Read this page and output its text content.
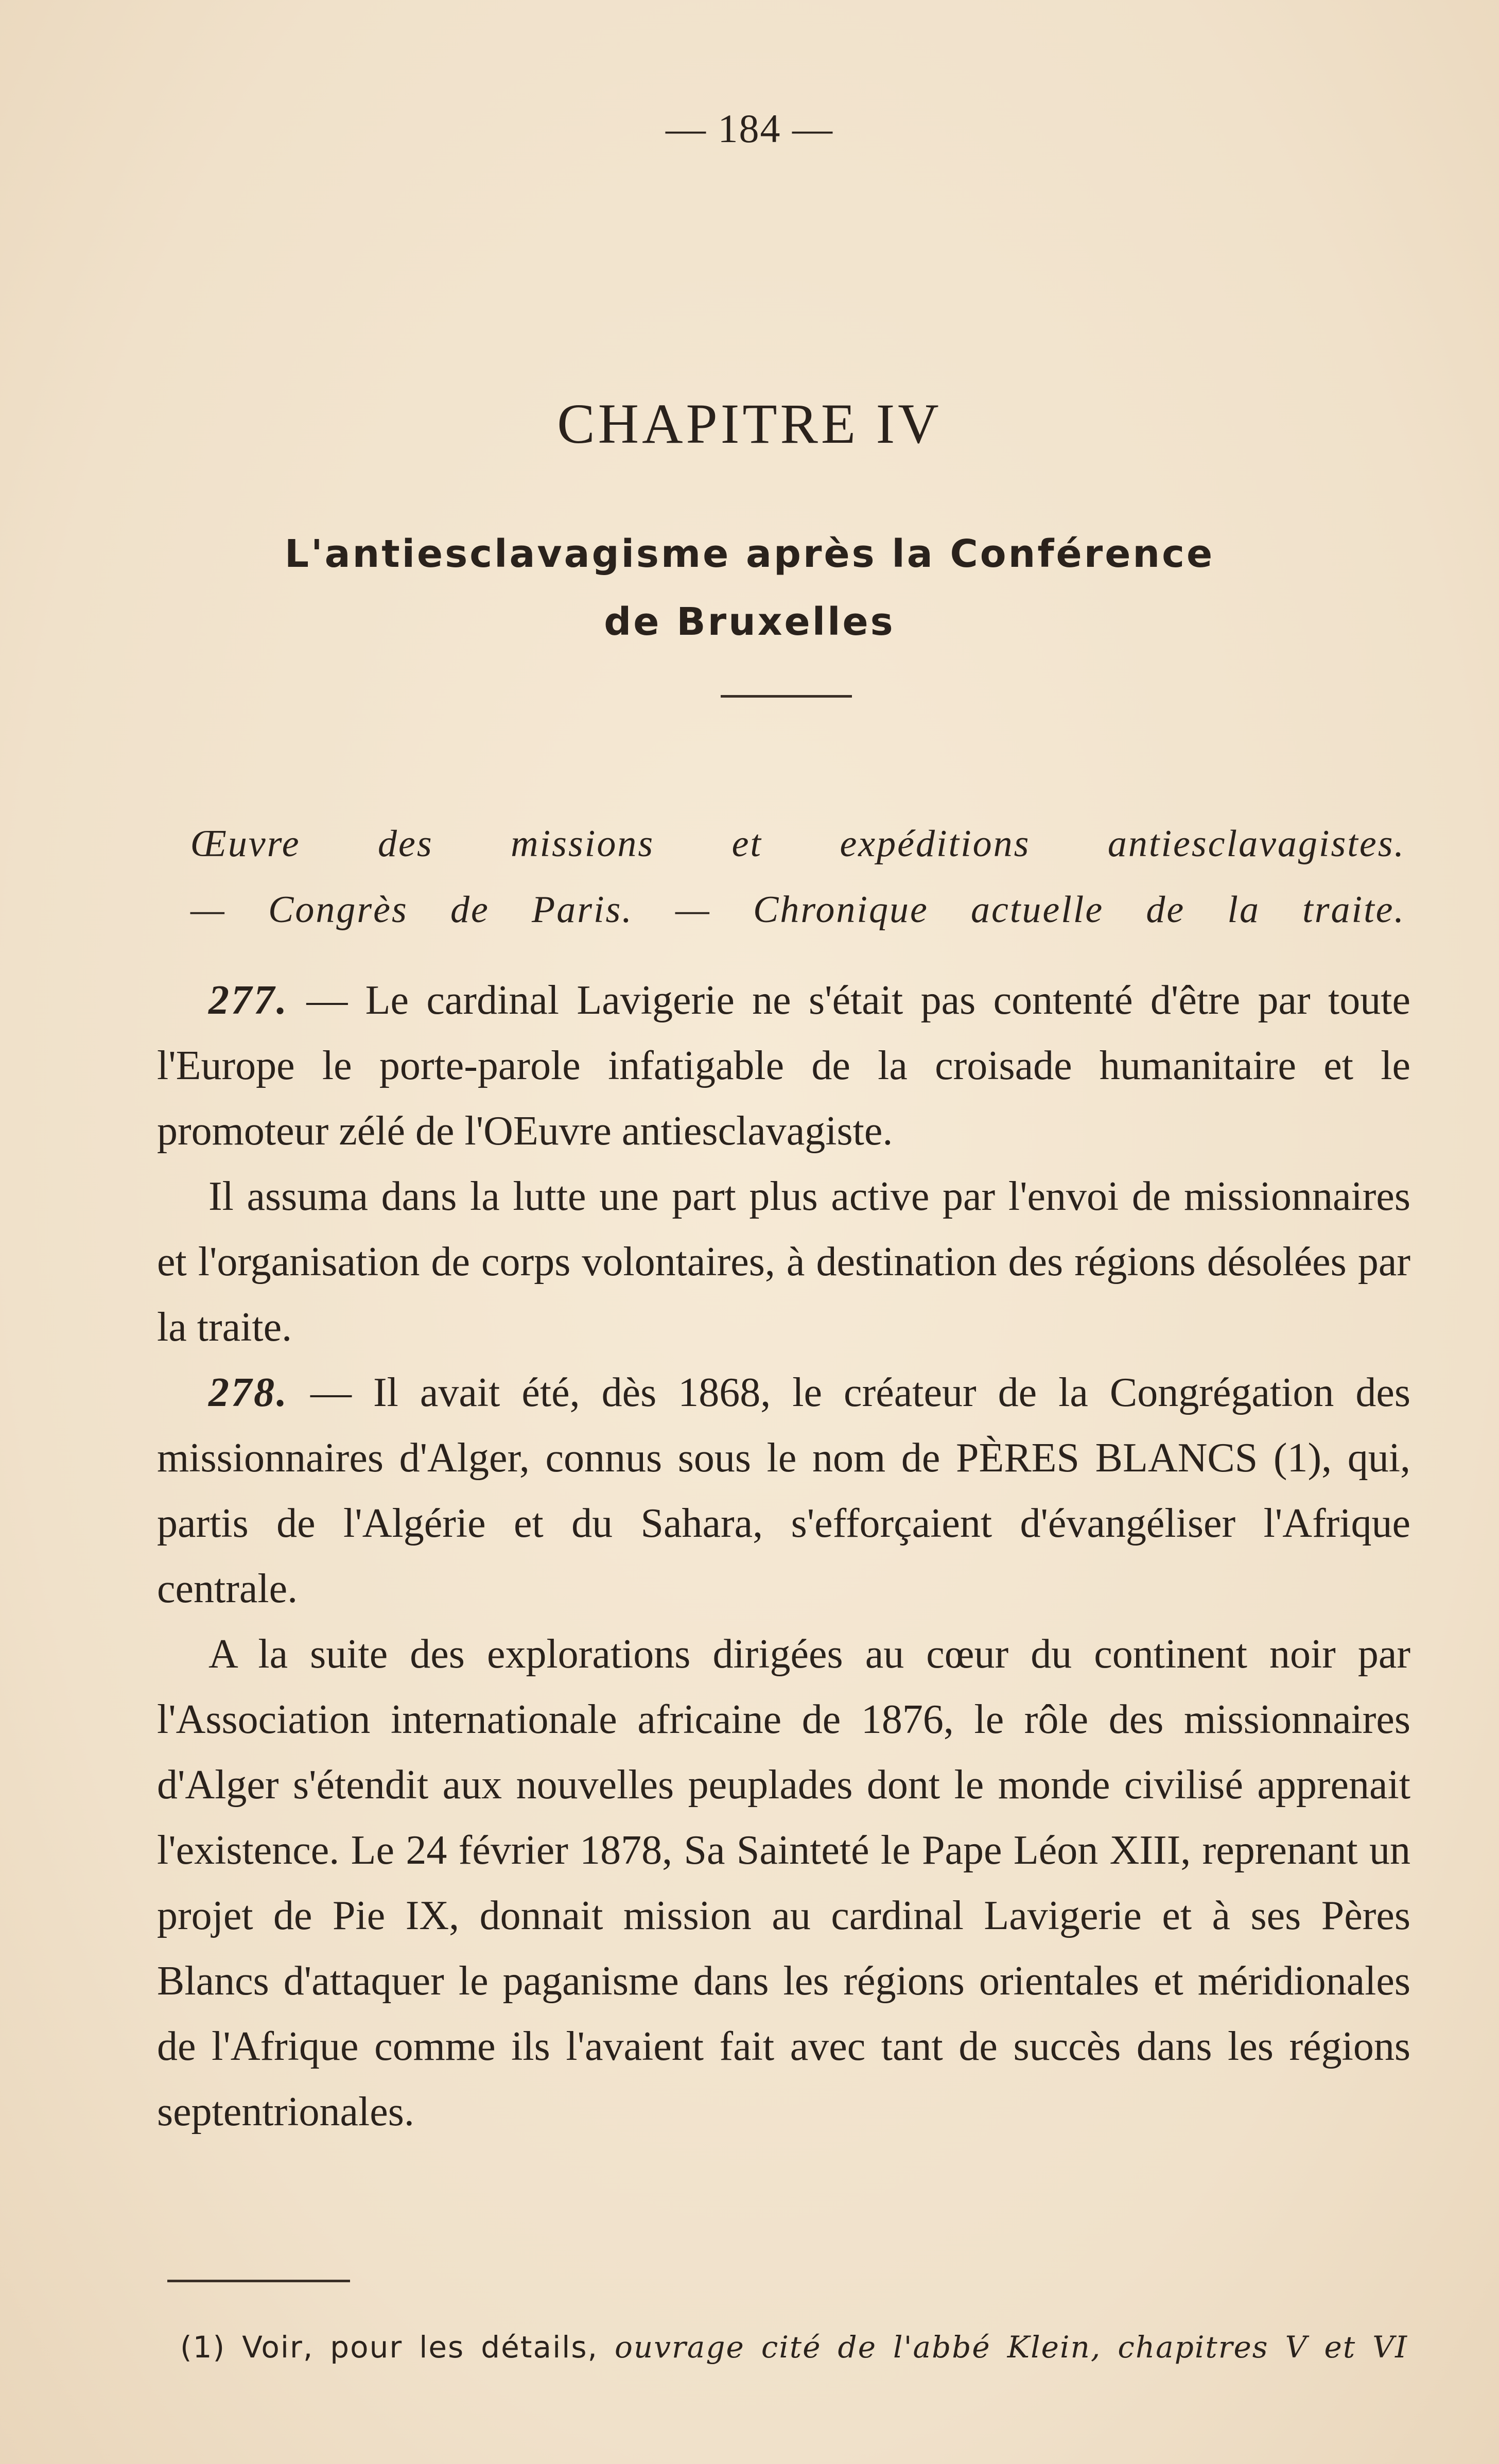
— 184 —
CHAPITRE IV
L'antiesclavagisme après la Conférence
de Bruxelles
Œuvre des missions et expéditions antiesclavagistes.
— Congrès de Paris. — Chronique actuelle de la traite.

277. — Le cardinal Lavigerie ne s'était pas contenté d'être par toute l'Europe le porte-parole infatigable de la croisade humanitaire et le promoteur zélé de l'OEuvre antiesclavagiste.

Il assuma dans la lutte une part plus active par l'envoi de missionnaires et l'organisation de corps volontaires, à destination des régions désolées par la traite.

278. — Il avait été, dès 1868, le créateur de la Congrégation des missionnaires d'Alger, connus sous le nom de PÈRES BLANCS (1), qui, partis de l'Algérie et du Sahara, s'efforçaient d'évangéliser l'Afrique centrale.

A la suite des explorations dirigées au cœur du continent noir par l'Association internationale africaine de 1876, le rôle des missionnaires d'Alger s'étendit aux nouvelles peuplades dont le monde civilisé apprenait l'existence. Le 24 février 1878, Sa Sainteté le Pape Léon XIII, reprenant un projet de Pie IX, donnait mission au cardinal Lavigerie et à ses Pères Blancs d'attaquer le paganisme dans les régions orientales et méridionales de l'Afrique comme ils l'avaient fait avec tant de succès dans les régions septentrionales.

(1) Voir, pour les détails, ouvrage cité de l'abbé Klein, chapitres V et VI
